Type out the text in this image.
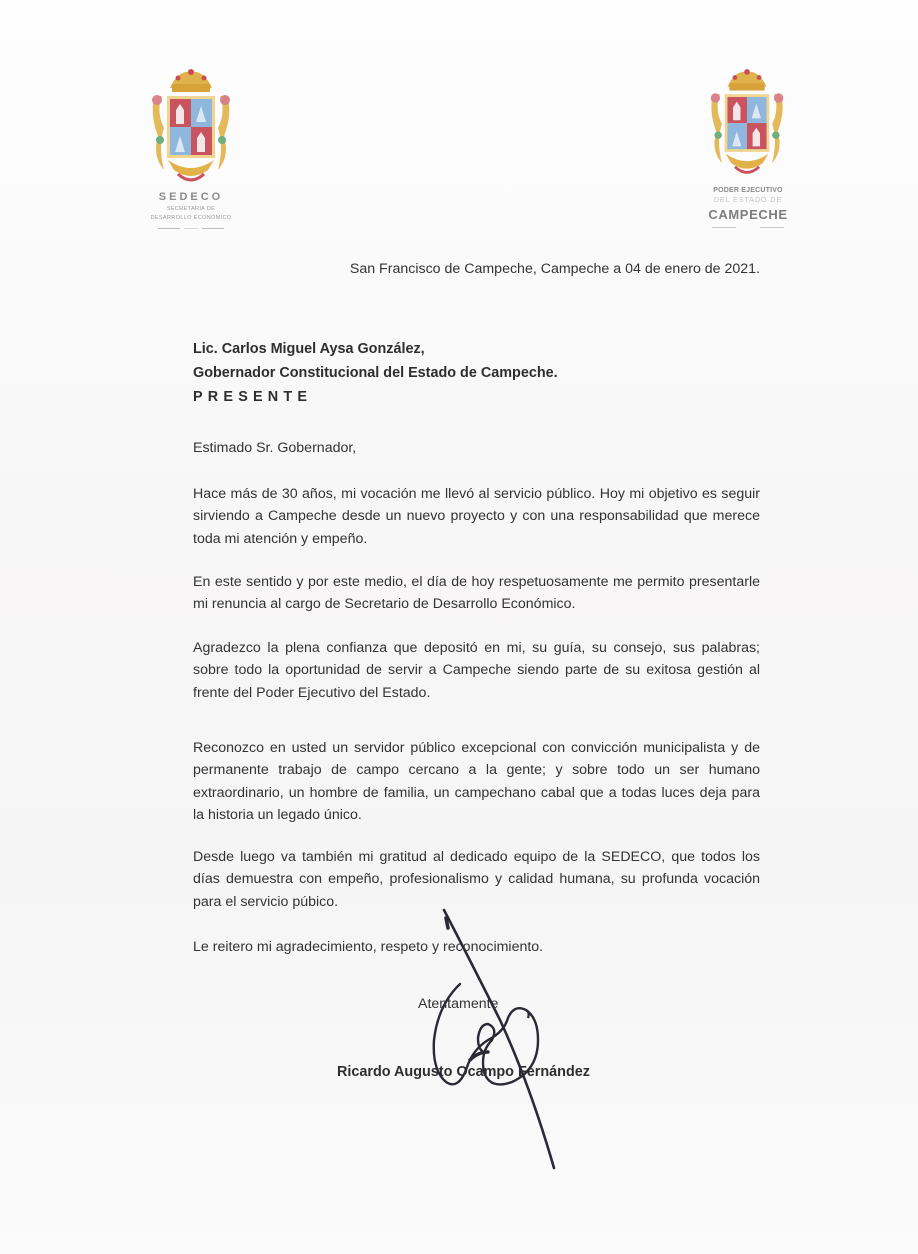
SEDECO
SECRETARÍA DE
DESARROLLO ECONÓMICO
PODER EJECUTIVO
DEL ESTADO DE
CAMPECHE
San Francisco de Campeche, Campeche a 04 de enero de 2021.
Lic. Carlos Miguel Aysa González,
Gobernador Constitucional del Estado de Campeche.
PRESENTE
Estimado Sr. Gobernador,
Hace más de 30 años, mi vocación me llevó al servicio público. Hoy mi objetivo es seguir sirviendo a Campeche desde un nuevo proyecto y con una responsabilidad que merece toda mi atención y empeño.
En este sentido y por este medio, el día de hoy respetuosamente me permito presentarle mi renuncia al cargo de Secretario de Desarrollo Económico.
Agradezco la plena confianza que depositó en mi, su guía, su consejo, sus palabras; sobre todo la oportunidad de servir a Campeche siendo parte de su exitosa gestión al frente del Poder Ejecutivo del Estado.
Reconozco en usted un servidor público excepcional con convicción municipalista y de permanente trabajo de campo cercano a la gente; y sobre todo un ser humano extraordinario, un hombre de familia, un campechano cabal que a todas luces deja para la historia un legado único.
Desde luego va también mi gratitud al dedicado equipo de la SEDECO, que todos los días demuestra con empeño, profesionalismo y calidad humana, su profunda vocación para el servicio púbico.
Le reitero mi agradecimiento, respeto y reconocimiento.
Atentamente
Ricardo Augusto Ocampo Fernández
